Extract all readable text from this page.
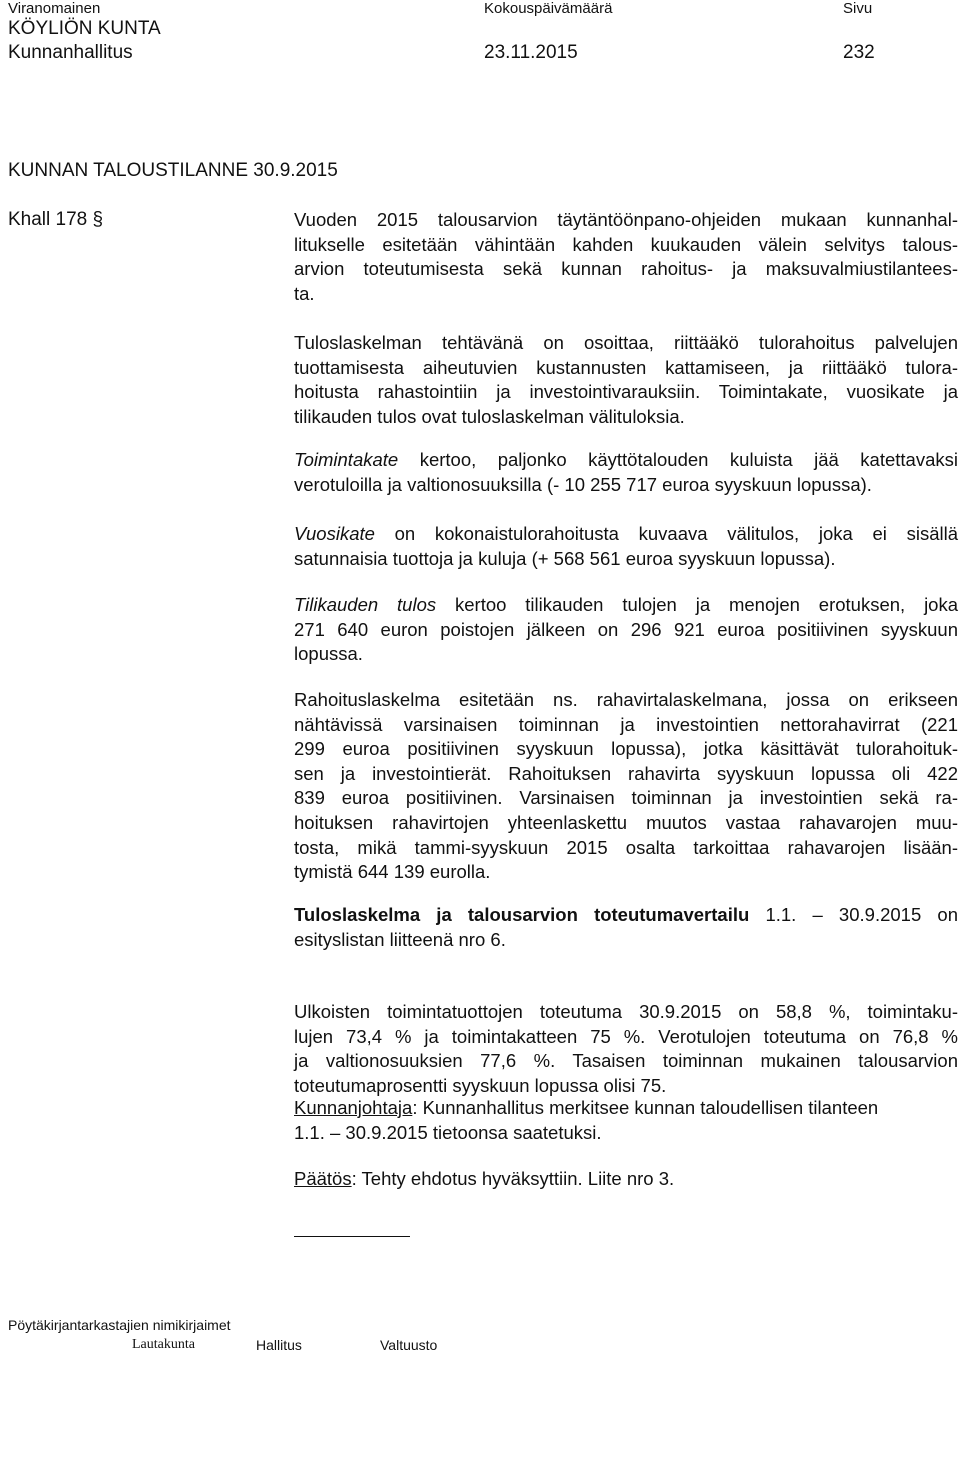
Viranomainen	Kokouspäivämäärä	Sivu
KÖYLIÖN KUNTA
Kunnanhallitus	23.11.2015	232
KUNNAN TALOUSTILANNE 30.9.2015
Khall 178 §	Vuoden 2015 talousarvion täytäntöönpano-ohjeiden mukaan kunnanhal-
litukselle esitetään vähintään kahden kuukauden välein selvitys talous-
arvion toteutumisesta sekä kunnan rahoitus- ja maksuvalmiustilantees-
ta.
Tuloslaskelman tehtävänä on osoittaa, riittääkö tulorahoitus palvelujen
tuottamisesta aiheutuvien kustannusten kattamiseen, ja riittääkö tulora-
hoitusta rahastointiin ja investointivarauksiin. Toimintakate, vuosikate ja
tilikauden tulos ovat tuloslaskelman välituloksia.
Toimintakate kertoo, paljonko käyttötalouden kuluista jää katettavaksi
verotuloilla ja valtionosuuksilla (- 10 255 717 euroa syyskuun lopussa).
Vuosikate on kokonaistulorahoitusta kuvaava välitulos, joka ei sisällä
satunnaisia tuottoja ja kuluja (+ 568 561 euroa syyskuun lopussa).
Tilikauden tulos kertoo tilikauden tulojen ja menojen erotuksen, joka
271 640 euron poistojen jälkeen on 296 921 euroa positiivinen syyskuun
lopussa.
Rahoituslaskelma esitetään ns. rahavirtalaskelmana, jossa on erikseen
nähtävissä varsinaisen toiminnan ja investointien nettorahavirrat (221
299 euroa positiivinen syyskuun lopussa), jotka käsittävät tulorahoituk-
sen ja investointierät. Rahoituksen rahavirta syyskuun lopussa oli 422
839 euroa positiivinen. Varsinaisen toiminnan ja investointien sekä ra-
hoituksen rahavirtojen yhteenlaskettu muutos vastaa rahavarojen muu-
tosta, mikä tammi-syyskuun 2015 osalta tarkoittaa rahavarojen lisään-
tymistä 644 139 eurolla.
Tuloslaskelma ja talousarvion toteutumavertailu 1.1. – 30.9.2015 on
esityslistan liitteenä nro 6.
Ulkoisten toimintatuottojen toteutuma 30.9.2015 on 58,8 %, toimintaku-
lujen 73,4 % ja toimintakatteen 75 %. Verotulojen toteutuma on 76,8 %
ja valtionosuuksien 77,6 %. Tasaisen toiminnan mukainen talousarvion
toteutumaprosentti syyskuun lopussa olisi 75.
Kunnanjohtaja: Kunnanhallitus merkitsee kunnan taloudellisen tilanteen
1.1. – 30.9.2015 tietoonsa saatetuksi.
Päätös: Tehty ehdotus hyväksyttiin. Liite nro 3.
Pöytäkirjantarkastajien nimikirjaimet
Lautakunta	Hallitus	Valtuusto
